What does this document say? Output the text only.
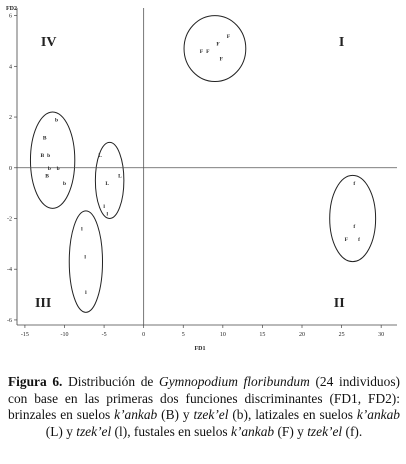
-15	-10	-5	0	5	10	15	20	25	30
-6
-4
-2
0
2
4
6
B
b
B b
b b
B
b
L
L
L
l
l
l
l
l
F
F
F F
F
f
f
F f
IV	I
III	II
FD2
FD1
Figura 6. Distribución de Gymnopodium floribundum (24 individuos) con base en las primeras dos funciones discriminantes (FD1, FD2): brinzales en suelos k’ankab (B) y tzek’el (b), latizales en suelos k’ankab (L) y tzek’el (l), fustales en suelos k’ankab (F) y tzek’el (f).
